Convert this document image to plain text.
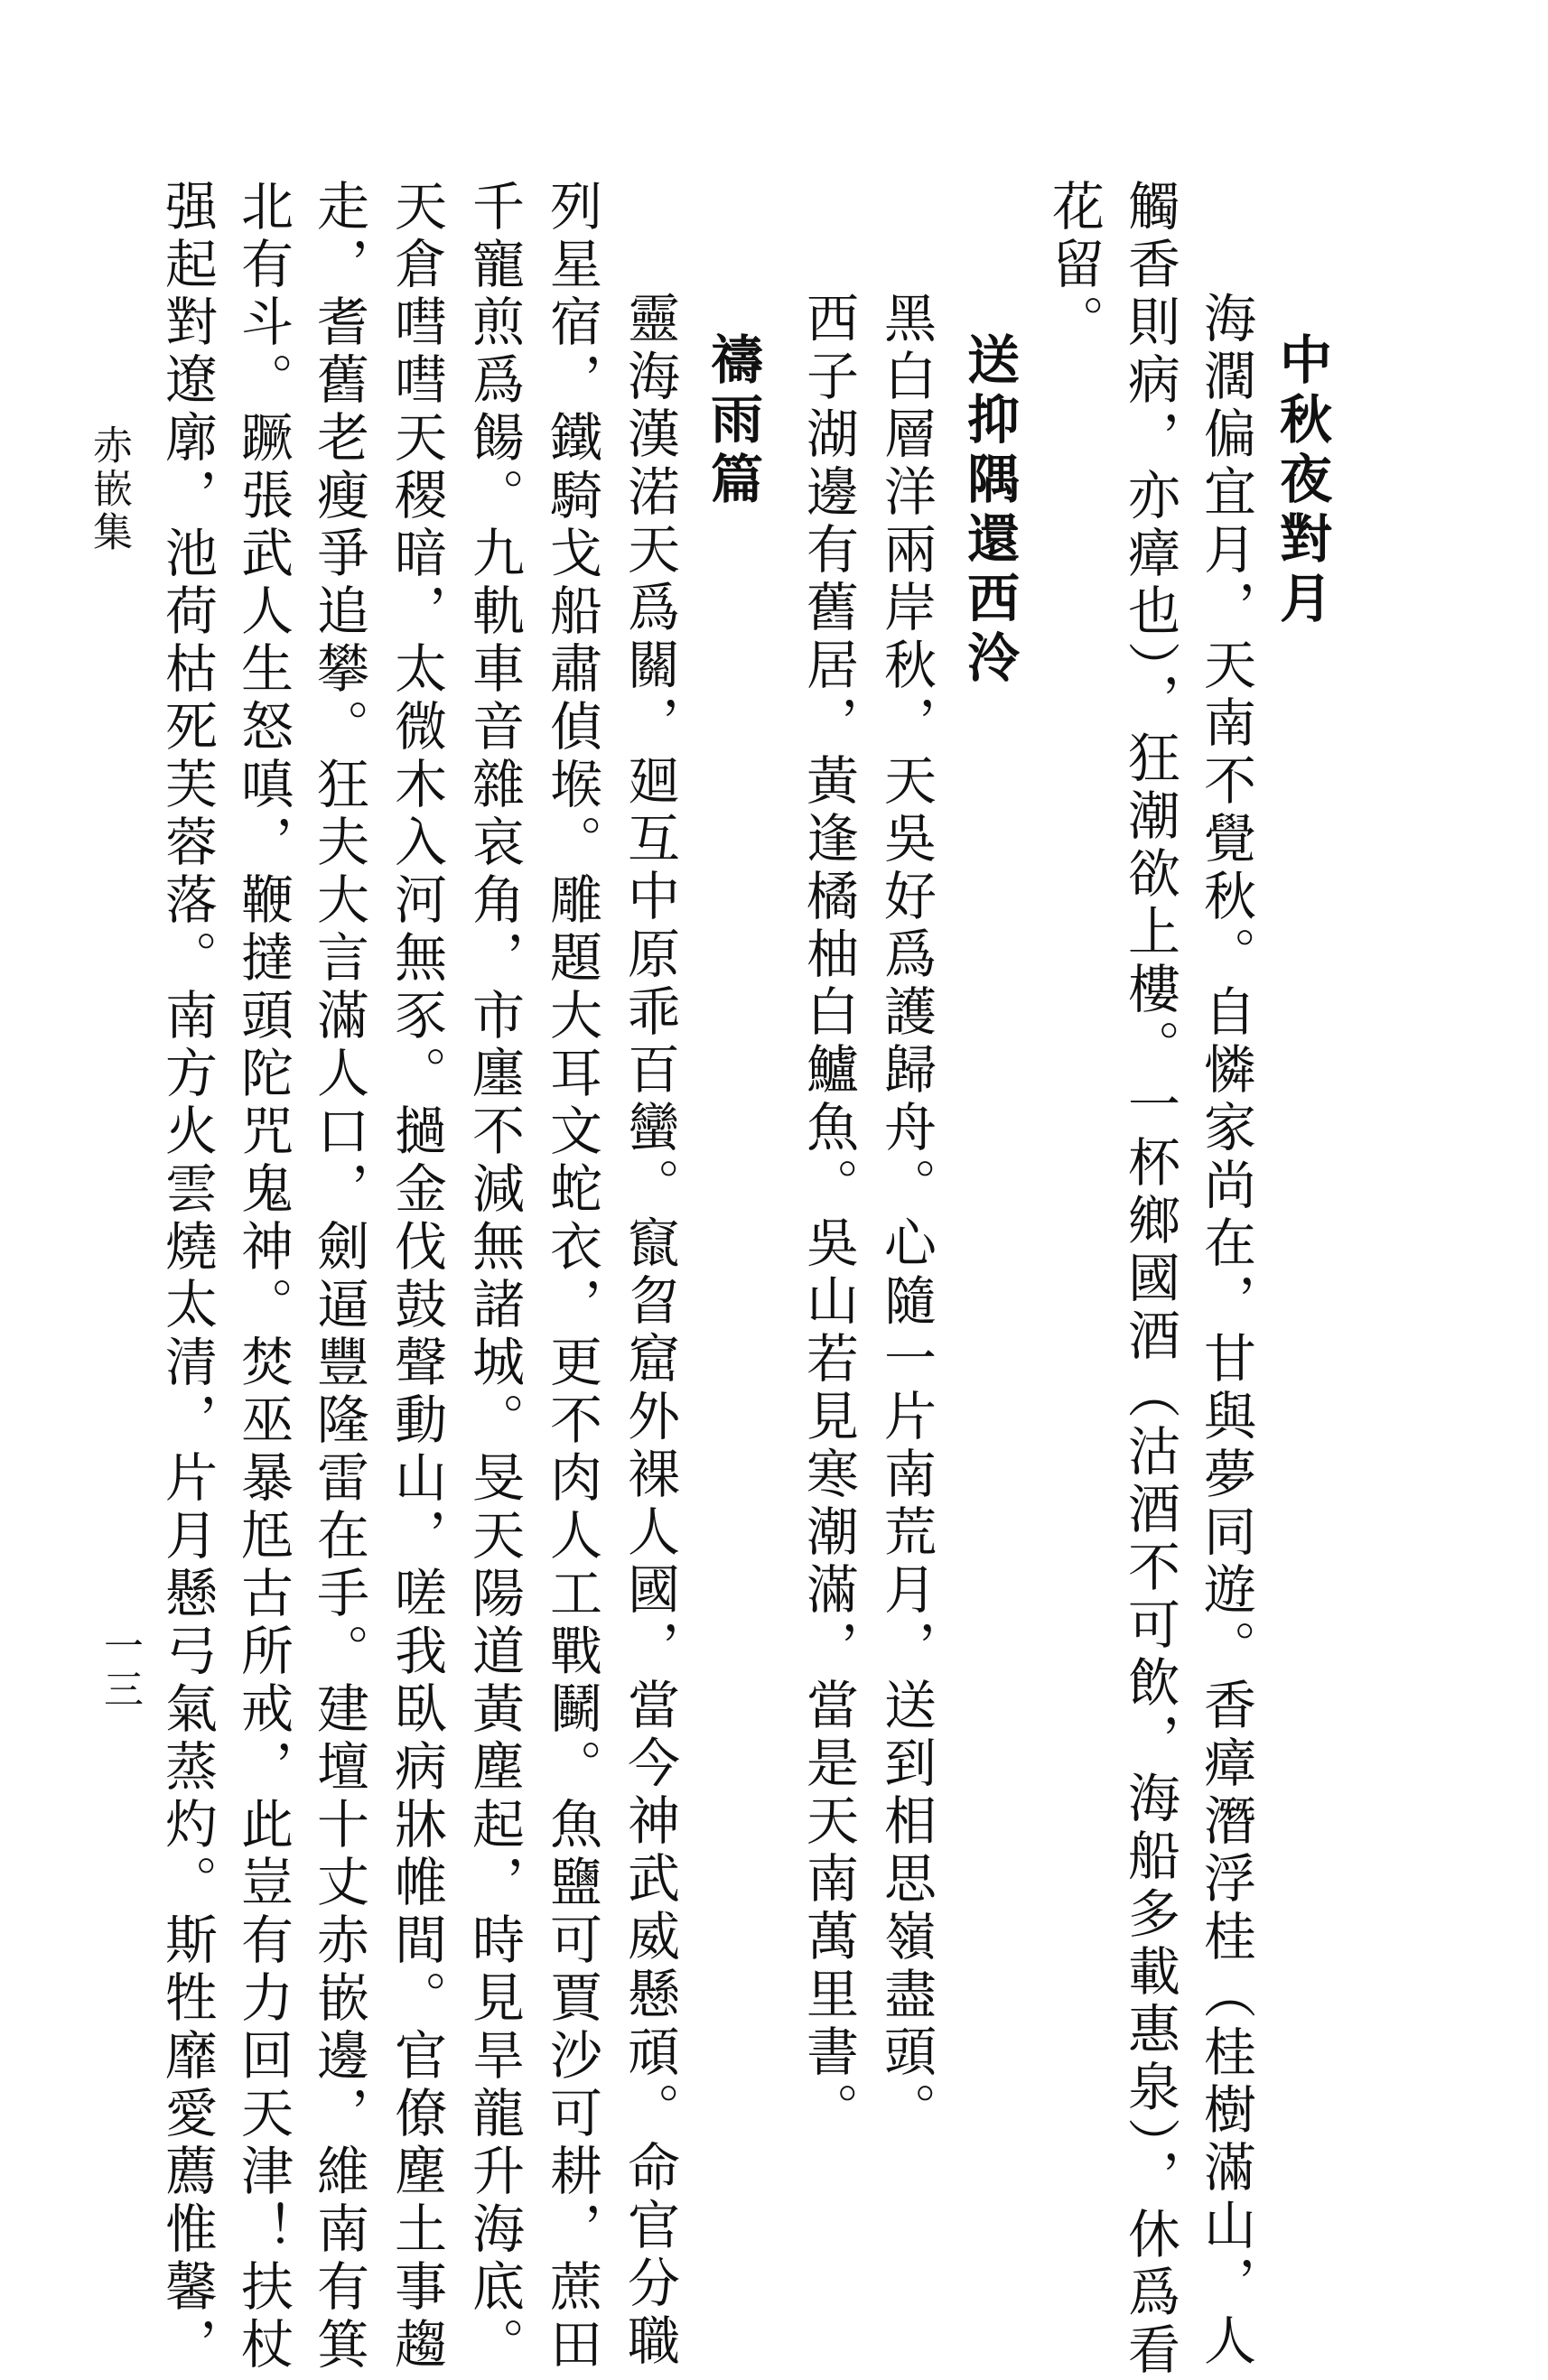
中秋夜對月
海濶偏宜月，天南不覺秋。自憐家尚在，甘與夢同遊。香瘴潛浮桂（桂樹滿山，人
觸香則病，亦瘴也），狂潮欲上樓。一杯鄉國酒（沽酒不可飲，海船多載惠泉），休爲看
花留。
送抑隅還西泠
黑白層洋兩岸秋，天吳好爲護歸舟。心隨一片南荒月，送到相思嶺盡頭。
西子湖邊有舊居，黃逢橘柚白鱸魚。吳山若見寒潮滿，當是天南萬里書。
禱雨篇
靈海漢渃天爲關，廻互中原乖百蠻。竄曶窟外裸人國，當今神武威懸頑。命官分職
列星宿，鐵騎戈船肅偵堠。雕題大耳文蛇衣，更不肉人工戰鬭。魚鹽可賈沙可耕，蔗田
千寵煎爲餳。九軌車音雜哀角，市廛不減無諸城。旻天陽道黃塵起，時見旱龍升海底。
天倉嘒嘒天稷暗，太微木入河無豕。撾金伐鼓聲動山，嗟我臥病牀帷間。官僚塵土事趨
走，耆舊老瘦爭追攀。狂夫大言滿人口，劍逼豐隆雷在手。建壇十丈赤嵌邊，維南有箕
北有斗。蹶張武人生怒嗔，鞭撻頭陀咒鬼神。焚巫暴尪古所戒，此豈有力回天津！扶杖
强起對遼廓，池荷枯死芙蓉落。南方火雲燒太清，片月懸弓氣蒸灼。斯牲靡愛薦惟馨，
赤嵌集
一三
